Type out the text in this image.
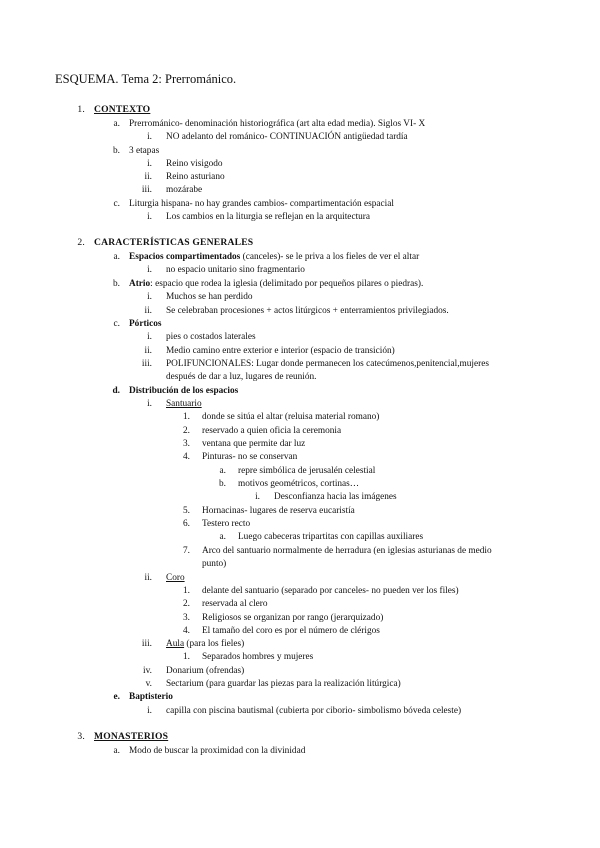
ESQUEMA. Tema 2: Prerrománico.
1. CONTEXTO
a. Prerrománico- denominación historiográfica (art alta edad media). Siglos VI- X
i. NO adelanto del románico- CONTINUACIÓN antigüedad tardía
b. 3 etapas
i. Reino visigodo
ii. Reino asturiano
iii. mozárabe
c. Liturgia hispana- no hay grandes cambios- compartimentación espacial
i. Los cambios en la liturgia se reflejan en la arquitectura
2. CARACTERÍSTICAS GENERALES
a. Espacios compartimentados (canceles)- se le priva a los fieles de ver el altar
i. no espacio unitario sino fragmentario
b. Atrio: espacio que rodea la iglesia (delimitado por pequeños pilares o piedras).
i. Muchos se han perdido
ii. Se celebraban procesiones + actos litúrgicos + enterramientos privilegiados.
c. Pórticos
i. pies o costados laterales
ii. Medio camino entre exterior e interior (espacio de transición)
iii. POLIFUNCIONALES: Lugar donde permanecen los catecúmenos,penitencial,mujeres
después de dar a luz, lugares de reunión.
d. Distribución de los espacios
i. Santuario
1. donde se sitúa el altar (reluisa material romano)
2. reservado a quien oficia la ceremonia
3. ventana que permite dar luz
4. Pinturas- no se conservan
a. repre simbólica de jerusalén celestial
b. motivos geométricos, cortinas…
i. Desconfianza hacia las imágenes
5. Hornacinas- lugares de reserva eucaristía
6. Testero recto
a. Luego cabeceras tripartitas con capillas auxiliares
7. Arco del santuario normalmente de herradura (en iglesias asturianas de medio
punto)
ii. Coro
1. delante del santuario (separado por canceles- no pueden ver los files)
2. reservada al clero
3. Religiosos se organizan por rango (jerarquizado)
4. El tamaño del coro es por el número de clérigos
iii. Aula (para los fieles)
1. Separados hombres y mujeres
iv. Donarium (ofrendas)
v. Sectarium (para guardar las piezas para la realización litúrgica)
e. Baptisterio
i. capilla con piscina bautismal (cubierta por ciborio- simbolismo bóveda celeste)
3. MONASTERIOS
a. Modo de buscar la proximidad con la divinidad
